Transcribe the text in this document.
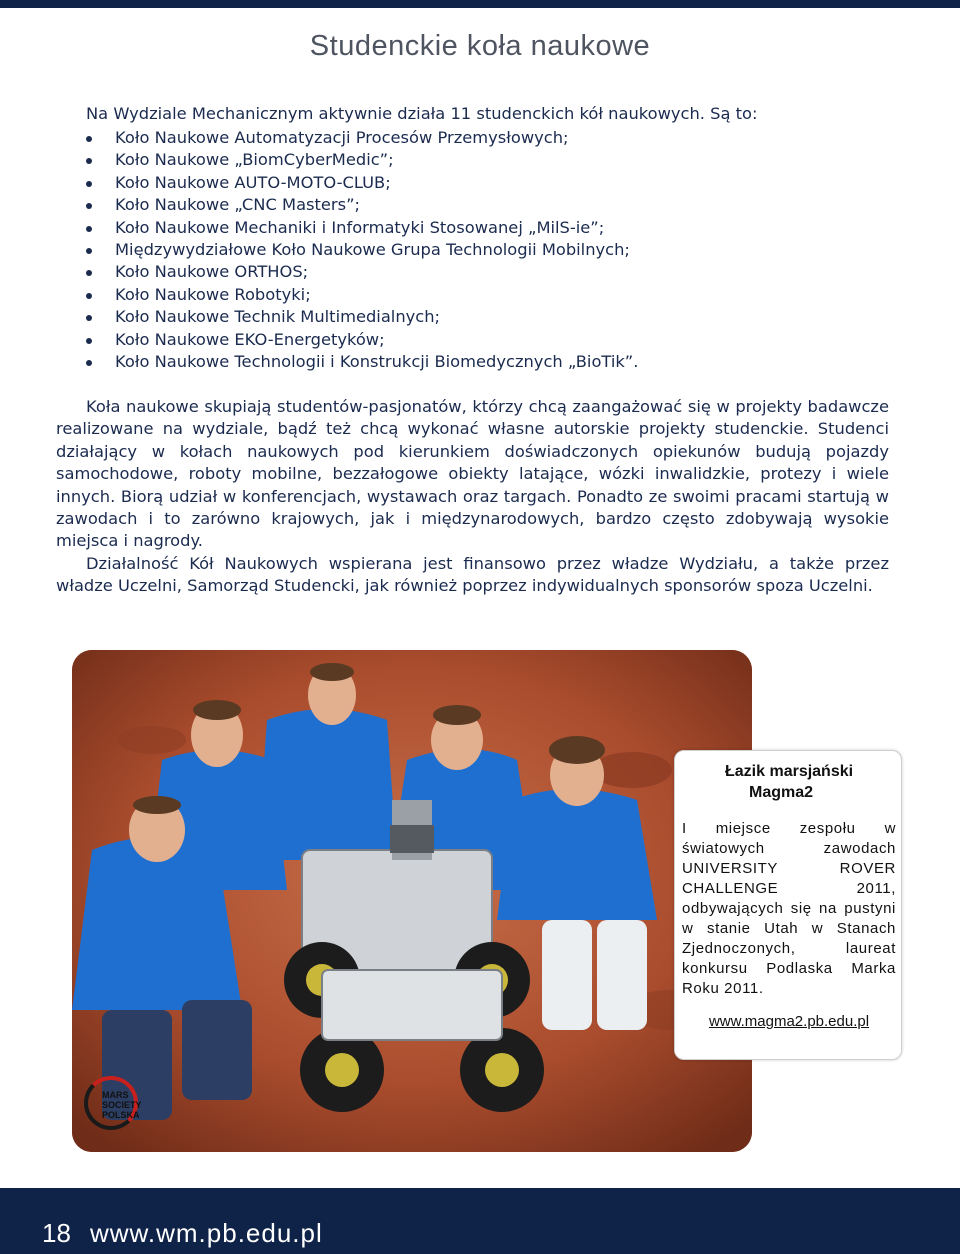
Studenckie koła naukowe
Na Wydziale Mechanicznym aktywnie działa 11 studenckich kół naukowych. Są to:
Koło Naukowe Automatyzacji Procesów Przemysłowych;
Koło Naukowe „BiomCyberMedic”;
Koło Naukowe AUTO-MOTO-CLUB;
Koło Naukowe „CNC Masters”;
Koło Naukowe Mechaniki i Informatyki Stosowanej „MilS-ie”;
Międzywydziałowe Koło Naukowe Grupa Technologii Mobilnych;
Koło Naukowe ORTHOS;
Koło Naukowe Robotyki;
Koło Naukowe Technik Multimedialnych;
Koło Naukowe EKO-Energetyków;
Koło Naukowe Technologii i Konstrukcji Biomedycznych „BioTik”.

Koła naukowe skupiają studentów-pasjonatów, którzy chcą zaangażować się w projekty badawcze realizowane na wydziale, bądź też chcą wykonać własne autorskie projekty studenckie. Studenci działający w kołach naukowych pod kierunkiem doświadczonych opiekunów budują pojazdy samochodowe, roboty mobilne, bezzałogowe obiekty latające, wózki inwalidzkie, protezy i wiele innych. Biorą udział w konferencjach, wystawach oraz targach. Ponadto ze swoimi pracami startują w zawodach i to zarówno krajowych, jak i międzynarodowych, bardzo często zdobywają wysokie miejsca i nagrody.

Działalność Kół Naukowych wspierana jest finansowo przez władze Wydziału, a także przez władze Uczelni, Samorząd Studencki, jak również poprzez indywidualnych sponsorów spoza Uczelni.

MARS
SOCIETY
POLSKA
Łazik marsjański
Magma2
I miejsce zespołu w światowych zawodach UNIVERSITY ROVER CHALLENGE 2011, odbywających się na pustyni w stanie Utah w Stanach Zjednoczonych, laureat konkursu Podlaska Marka Roku 2011.
www.magma2.pb.edu.pl
18 www.wm.pb.edu.pl
